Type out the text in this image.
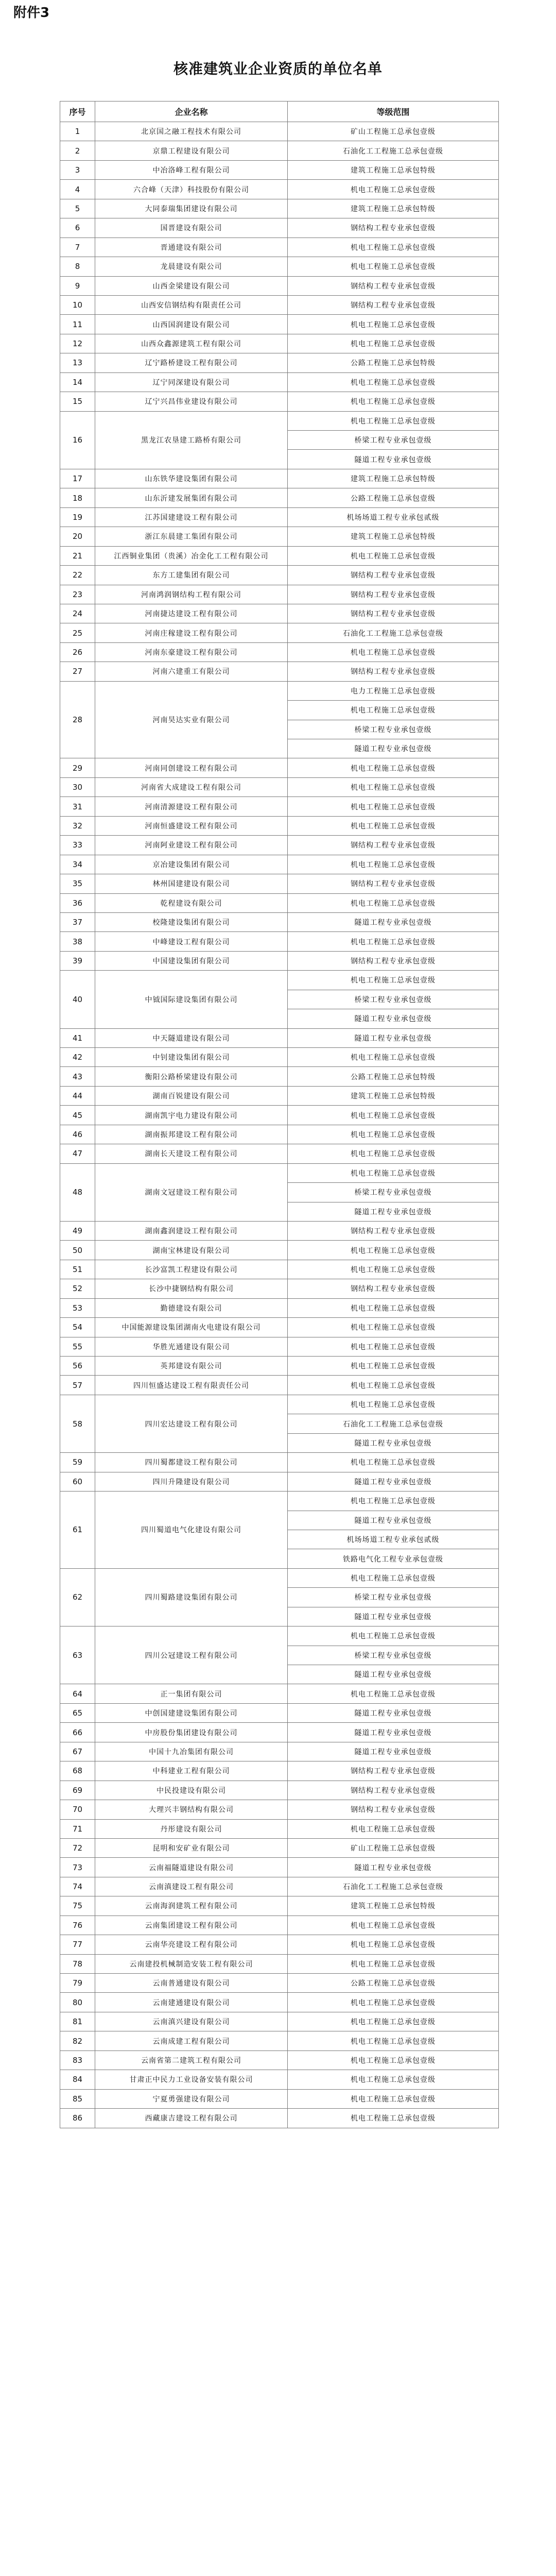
附件3
核准建筑业企业资质的单位名单
序号	企业名称	等级范围
1	北京国之融工程技术有限公司	矿山工程施工总承包壹级
2	京鼎工程建设有限公司	石油化工工程施工总承包壹级
3	中冶洛峰工程有限公司	建筑工程施工总承包特级
4	六合峰（天津）科技股份有限公司	机电工程施工总承包壹级
5	大同泰瑞集团建设有限公司	建筑工程施工总承包特级
6	国晋建设有限公司	钢结构工程专业承包壹级
7	晋通建设有限公司	机电工程施工总承包壹级
8	龙晨建设有限公司	机电工程施工总承包壹级
9	山西金梁建设有限公司	钢结构工程专业承包壹级
10	山西安信钢结构有限责任公司	钢结构工程专业承包壹级
11	山西国润建设有限公司	机电工程施工总承包壹级
12	山西众鑫源建筑工程有限公司	机电工程施工总承包壹级
13	辽宁路桥建设工程有限公司	公路工程施工总承包特级
14	辽宁同深建设有限公司	机电工程施工总承包壹级
15	辽宁兴昌伟业建设有限公司	机电工程施工总承包壹级
16	黑龙江农垦建工路桥有限公司	机电工程施工总承包壹级
		桥梁工程专业承包壹级
		隧道工程专业承包壹级
17	山东铁华建设集团有限公司	建筑工程施工总承包特级
18	山东沂建发展集团有限公司	公路工程施工总承包壹级
19	江苏国建建设工程有限公司	机场场道工程专业承包贰级
20	浙江东晨建工集团有限公司	建筑工程施工总承包特级
21	江西铜业集团（贵溪）冶金化工工程有限公司	机电工程施工总承包壹级
22	东方工建集团有限公司	钢结构工程专业承包壹级
23	河南鸿润钢结构工程有限公司	钢结构工程专业承包壹级
24	河南捷达建设工程有限公司	钢结构工程专业承包壹级
25	河南庄稼建设工程有限公司	石油化工工程施工总承包壹级
26	河南东豪建设工程有限公司	机电工程施工总承包壹级
27	河南六建重工有限公司	钢结构工程专业承包壹级
28	河南昊达实业有限公司	电力工程施工总承包壹级
		机电工程施工总承包壹级
		桥梁工程专业承包壹级
		隧道工程专业承包壹级
29	河南同创建设工程有限公司	机电工程施工总承包壹级
30	河南省大成建设工程有限公司	机电工程施工总承包壹级
31	河南清源建设工程有限公司	机电工程施工总承包壹级
32	河南恒盛建设工程有限公司	机电工程施工总承包壹级
33	河南阿业建设工程有限公司	钢结构工程专业承包壹级
34	京冶建设集团有限公司	机电工程施工总承包壹级
35	林州国建建设有限公司	钢结构工程专业承包壹级
36	乾程建设有限公司	机电工程施工总承包壹级
37	校隆建设集团有限公司	隧道工程专业承包壹级
38	中峰建设工程有限公司	机电工程施工总承包壹级
39	中国建设集团有限公司	钢结构工程专业承包壹级
40	中钺国际建设集团有限公司	机电工程施工总承包壹级
		桥梁工程专业承包壹级
		隧道工程专业承包壹级
41	中天隧道建设有限公司	隧道工程专业承包壹级
42	中钊建设集团有限公司	机电工程施工总承包壹级
43	衡阳公路桥梁建设有限公司	公路工程施工总承包特级
44	湖南百锐建设有限公司	建筑工程施工总承包特级
45	湖南凯宇电力建设有限公司	机电工程施工总承包壹级
46	湖南振邦建设工程有限公司	机电工程施工总承包壹级
47	湖南长天建设工程有限公司	机电工程施工总承包壹级
48	湖南文冠建设工程有限公司	机电工程施工总承包壹级
		桥梁工程专业承包壹级
		隧道工程专业承包壹级
49	湖南鑫润建设工程有限公司	钢结构工程专业承包壹级
50	湖南宝林建设有限公司	机电工程施工总承包壹级
51	长沙富凯工程建设有限公司	机电工程施工总承包壹级
52	长沙中捷钢结构有限公司	钢结构工程专业承包壹级
53	勤德建设有限公司	机电工程施工总承包壹级
54	中国能源建设集团湖南火电建设有限公司	机电工程施工总承包壹级
55	华胜光通建设有限公司	机电工程施工总承包壹级
56	英邦建设有限公司	机电工程施工总承包壹级
57	四川恒盛达建设工程有限责任公司	机电工程施工总承包壹级
58	四川宏达建设工程有限公司	机电工程施工总承包壹级
		石油化工工程施工总承包壹级
		隧道工程专业承包壹级
59	四川蜀都建设工程有限公司	机电工程施工总承包壹级
60	四川升隆建设有限公司	隧道工程专业承包壹级
61	四川蜀道电气化建设有限公司	机电工程施工总承包壹级
		隧道工程专业承包壹级
		机场场道工程专业承包贰级
		铁路电气化工程专业承包壹级
62	四川蜀路建设集团有限公司	机电工程施工总承包壹级
		桥梁工程专业承包壹级
		隧道工程专业承包壹级
63	四川公冠建设工程有限公司	机电工程施工总承包壹级
		桥梁工程专业承包壹级
		隧道工程专业承包壹级
64	正一集团有限公司	机电工程施工总承包壹级
65	中创国建建设集团有限公司	隧道工程专业承包壹级
66	中房股份集团建设有限公司	隧道工程专业承包壹级
67	中国十九冶集团有限公司	隧道工程专业承包壹级
68	中科建业工程有限公司	钢结构工程专业承包壹级
69	中民投建设有限公司	钢结构工程专业承包壹级
70	大理兴丰钢结构有限公司	钢结构工程专业承包壹级
71	丹彤建设有限公司	机电工程施工总承包壹级
72	昆明和安矿业有限公司	矿山工程施工总承包壹级
73	云南福隧道建设有限公司	隧道工程专业承包壹级
74	云南滇建设工程有限公司	石油化工工程施工总承包壹级
75	云南海润建筑工程有限公司	建筑工程施工总承包特级
76	云南集团建设工程有限公司	机电工程施工总承包壹级
77	云南华亮建设工程有限公司	机电工程施工总承包壹级
78	云南建投机械制造安装工程有限公司	机电工程施工总承包壹级
79	云南普通建设有限公司	公路工程施工总承包壹级
80	云南建通建设有限公司	机电工程施工总承包壹级
81	云南滇兴建设有限公司	机电工程施工总承包壹级
82	云南成建工程有限公司	机电工程施工总承包壹级
83	云南省第二建筑工程有限公司	机电工程施工总承包壹级
84	甘肃正中民力工业设备安装有限公司	机电工程施工总承包壹级
85	宁夏勇强建设有限公司	机电工程施工总承包壹级
86	西藏康吉建设工程有限公司	机电工程施工总承包壹级
